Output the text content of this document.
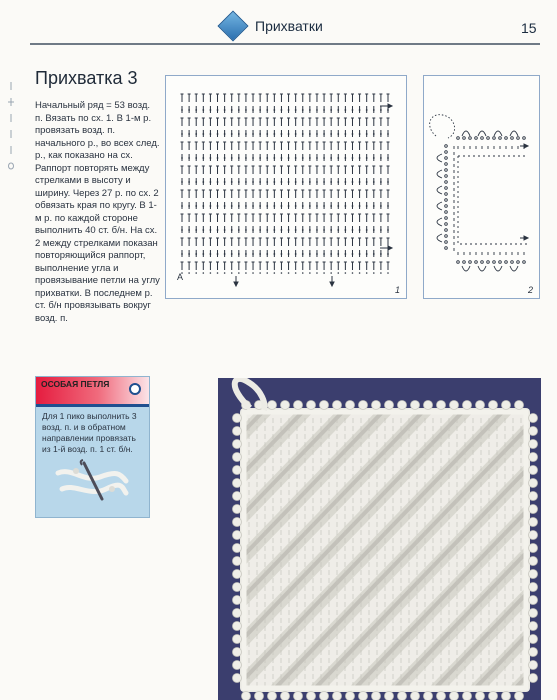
Прихватки	15
Прихватка 3

Начальный ряд = 53 возд. п. Вязать по сх. 1. В 1-м р. провязать возд. п. начального р., во всех след. р., как показано на сх. Раппорт повторять между стрелками в высоту и ширину. Через 27 р. по сх. 2 обвязать края по кругу. В 1-м р. по каждой стороне выполнить 40 ст. б/н. На сх. 2 между стрелками показан повторяющийся раппорт, выполнение угла и провязывание петли на углу прихватки. В последнем р. ст. б/н провязывать вокруг возд. п.

A
1	2
ОСОБАЯ ПЕТЛЯ

Для 1 пико выполнить 3 возд. п. и в обратном направлении провязать из 1-й возд. п. 1 ст. б/н.
